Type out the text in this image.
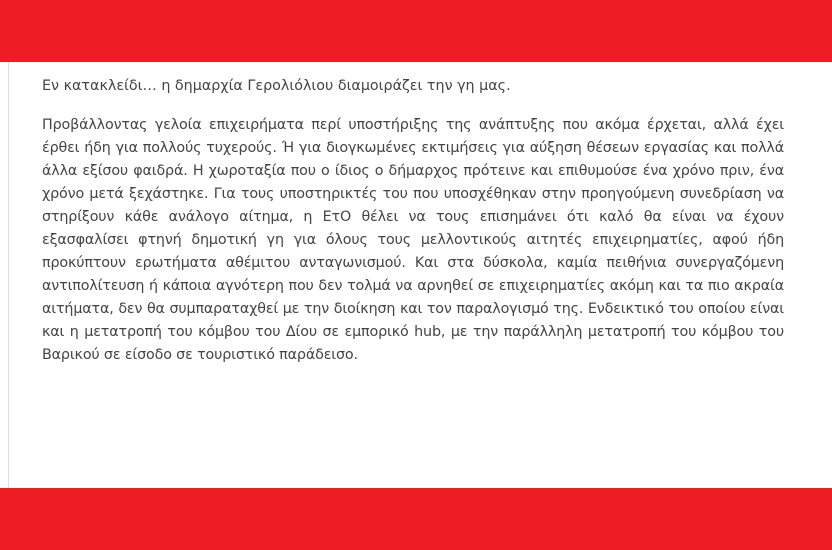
Εν κατακλείδι… η δημαρχία Γερολιόλιου διαμοιράζει την γη μας.

Προβάλλοντας γελοία επιχειρήματα περί υποστήριξης της ανάπτυξης που ακόμα έρχεται, αλλά έχει έρθει ήδη για πολλούς τυχερούς. Ή για διογκωμένες εκτιμήσεις για αύξηση θέσεων εργασίας και πολλά άλλα εξίσου φαιδρά. Η χωροταξία που ο ίδιος ο δήμαρχος πρότεινε και επιθυμούσε ένα χρόνο πριν, ένα χρόνο μετά ξεχάστηκε. Για τους υποστηρικτές του που υποσχέθηκαν στην προηγούμενη συνεδρίαση να στηρίξουν κάθε ανάλογο αίτημα, η ΕτΟ θέλει να τους επισημάνει ότι καλό θα είναι να έχουν εξασφαλίσει φτηνή δημοτική γη για όλους τους μελλοντικούς αιτητές επιχειρηματίες, αφού ήδη προκύπτουν ερωτήματα αθέμιτου ανταγωνισμού. Και στα δύσκολα, καμία πειθήνια συνεργαζόμενη αντιπολίτευση ή κάποια αγνότερη που δεν τολμά να αρνηθεί σε επιχειρηματίες ακόμη και τα πιο ακραία αιτήματα, δεν θα συμπαραταχθεί με την διοίκηση και τον παραλογισμό της. Ενδεικτικό του οποίου είναι και η μετατροπή του κόμβου του Δίου σε εμπορικό hub, με την παράλληλη μετατροπή του κόμβου του Βαρικού σε είσοδο σε τουριστικό παράδεισο.
